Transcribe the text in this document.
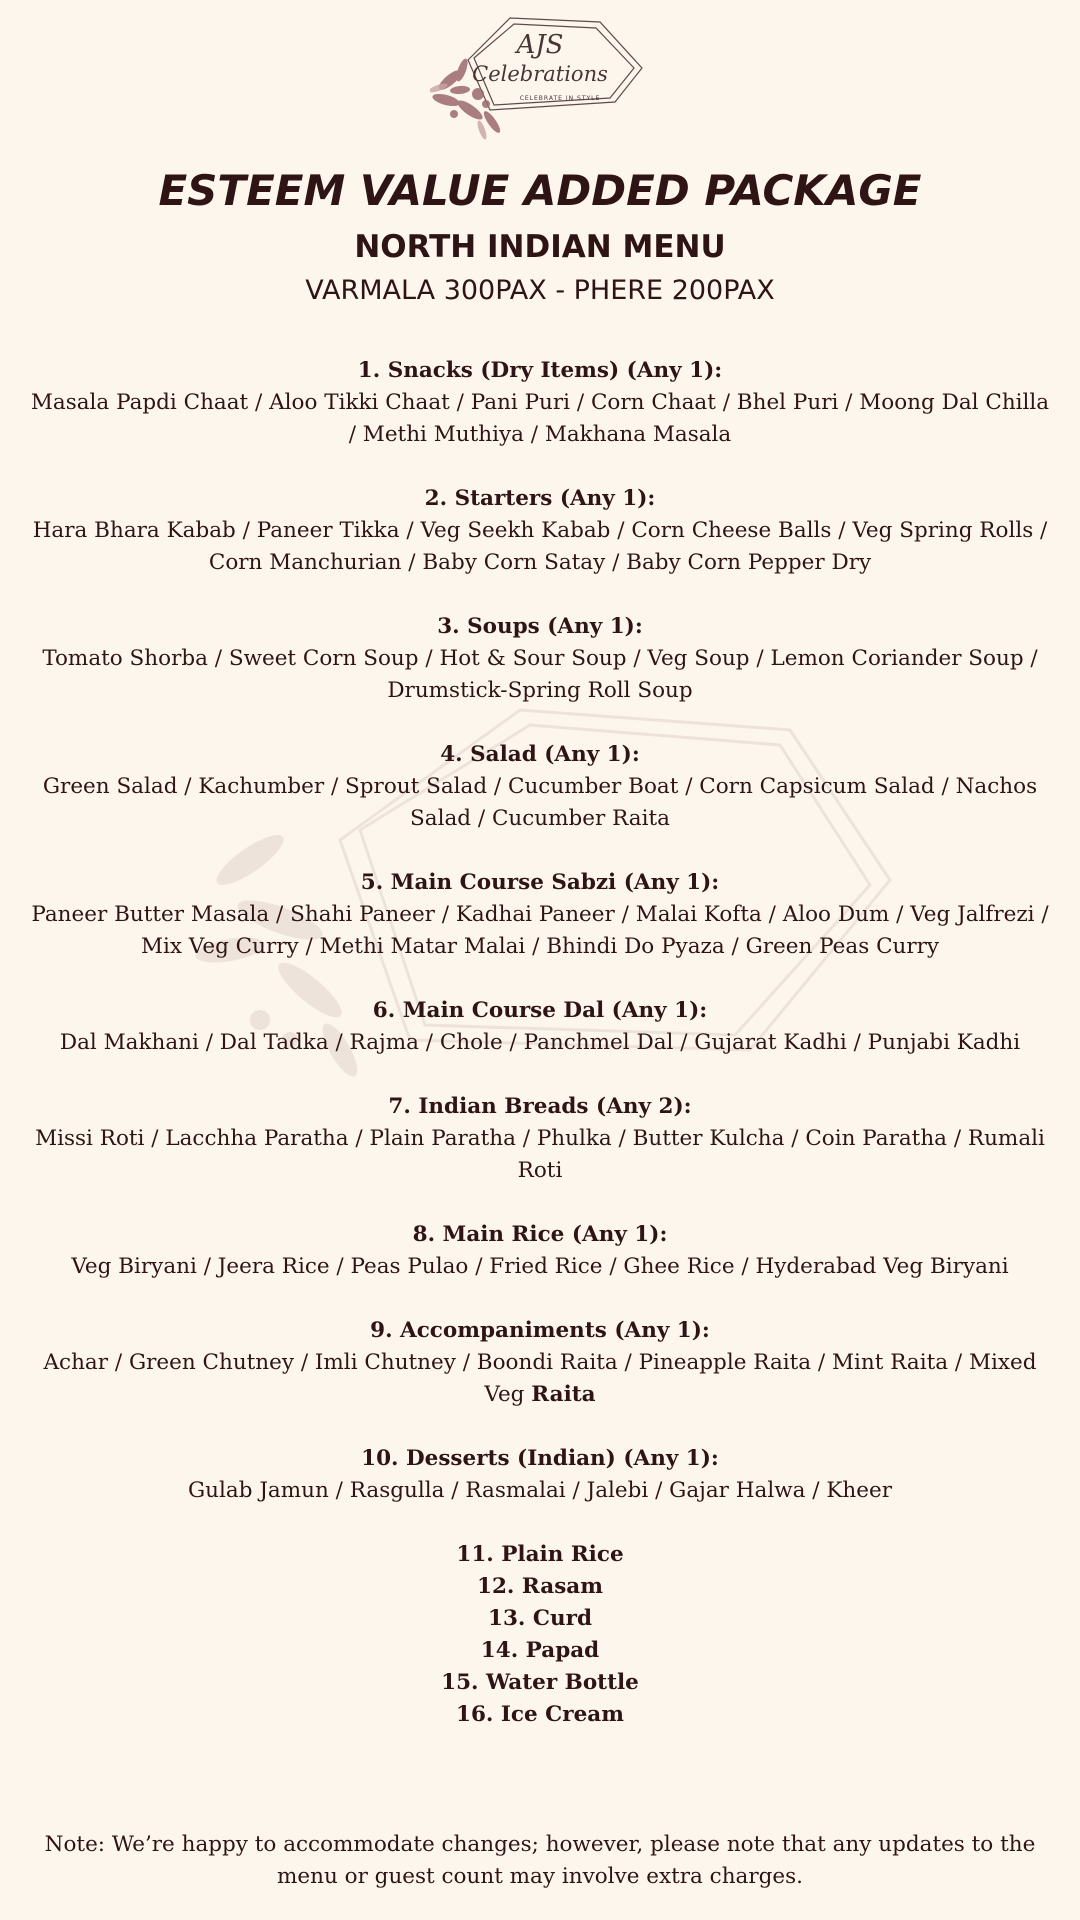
AJS
Celebrations
CELEBRATE IN STYLE
ESTEEM VALUE ADDED PACKAGE
NORTH INDIAN MENU
VARMALA 300PAX - PHERE 200PAX
1. Snacks (Dry Items) (Any 1):
Masala Papdi Chaat / Aloo Tikki Chaat / Pani Puri / Corn Chaat / Bhel Puri / Moong Dal Chilla / Methi Muthiya / Makhana Masala
2. Starters (Any 1):
Hara Bhara Kabab / Paneer Tikka / Veg Seekh Kabab / Corn Cheese Balls / Veg Spring Rolls / Corn Manchurian / Baby Corn Satay / Baby Corn Pepper Dry
3. Soups (Any 1):
Tomato Shorba / Sweet Corn Soup / Hot & Sour Soup / Veg Soup / Lemon Coriander Soup / Drumstick-Spring Roll Soup
4. Salad (Any 1):
Green Salad / Kachumber / Sprout Salad / Cucumber Boat / Corn Capsicum Salad / Nachos Salad / Cucumber Raita
5. Main Course Sabzi (Any 1):
Paneer Butter Masala / Shahi Paneer / Kadhai Paneer / Malai Kofta / Aloo Dum / Veg Jalfrezi / Mix Veg Curry / Methi Matar Malai / Bhindi Do Pyaza / Green Peas Curry
6. Main Course Dal (Any 1):
Dal Makhani / Dal Tadka / Rajma / Chole / Panchmel Dal / Gujarat Kadhi / Punjabi Kadhi
7. Indian Breads (Any 2):
Missi Roti / Lacchha Paratha / Plain Paratha / Phulka / Butter Kulcha / Coin Paratha / Rumali Roti
8. Main Rice (Any 1):
Veg Biryani / Jeera Rice / Peas Pulao / Fried Rice / Ghee Rice / Hyderabad Veg Biryani
9. Accompaniments (Any 1):
Achar / Green Chutney / Imli Chutney / Boondi Raita / Pineapple Raita / Mint Raita / Mixed Veg Raita
10. Desserts (Indian) (Any 1):
Gulab Jamun / Rasgulla / Rasmalai / Jalebi / Gajar Halwa / Kheer
11. Plain Rice
12. Rasam
13. Curd
14. Papad
15. Water Bottle
16. Ice Cream
Note: We’re happy to accommodate changes; however, please note that any updates to the menu or guest count may involve extra charges.
